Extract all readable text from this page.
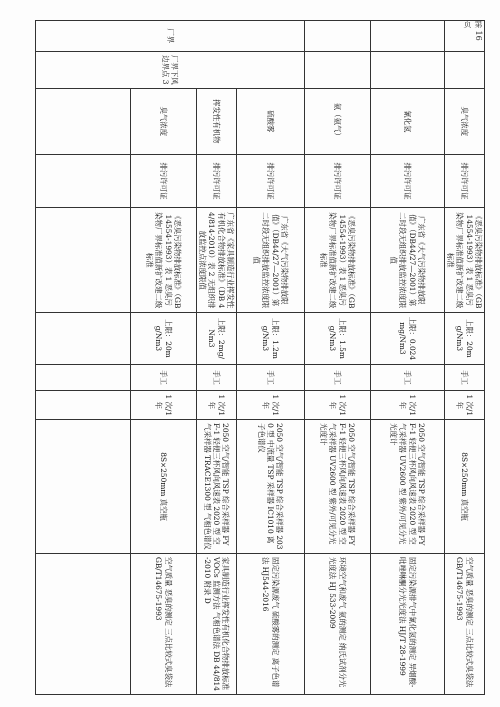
		臭气浓度	排污许可证	《恶臭污染物排放标准》（GB 14554-1993）表 1 恶臭污染物厂界标准值新扩改建二级标准	上限：20mg/Nm3	手工	1 次/1 年	8S×250mm 真空瓶	空气质量 恶臭的测定 三点比较式臭袋法 GB/T14675-1993
		氰化氢	排污许可证	广东省《大气污染物排放限值》（DB44/27—2001）第二时段无组织排放监控浓度限值	上限：0.024mg/Nm3	手工	1 次/1 年	2050 空气/智能 TSP 综合采样器 FYF-1 轻便三杯风向风速表 2020 型 空气采样器 UV2600 型 紫外/可见分光光度计	固定污染源排气中氰化氢的测定 异烟酸-吡唑啉酮分光光度法 HJ/T 28-1999
		氨（氨气）	排污许可证	《恶臭污染物排放标准》（GB 14554-1993）表 1 恶臭污染物厂界标准值新扩改建二级标准	上限：1.5mg/Nm3	手工	1 次/1 年	2050 空气/智能 TSP 综合采样器 FYF-1 轻便三杯风向风速表 2020 型 空气采样器 UV2600 型 紫外/可见分光光度计	环境空气和废气 氨的测定 纳氏试剂分光光度法 HJ 533-2009
厂界	厂界下风边界点 3	硫酸雾	排污许可证	广东省《大气污染物排放限值》（DB44/27—2001）第二时段无组织排放监控浓度限值	上限：1.2mg/Nm3	手工	1 次/1 年	2050 空气/智能 TSP 综合采样器 2030 型 中流量 TSP 采样器 IC1010 离子色谱仪	固定污染源废气 硫酸雾的测定 离子色谱法 HJ544-2016
		挥发性有机物	排污许可证	广东省《家具制造行业挥发性有机化合物排放标准》（DB 44/814-2010）表 2 无组织排放监控点浓度限值	上限：2mg/Nm3	手工	1 次/1 年	2050 空气/智能 TSP 综合采样器 FYF-1 轻便三杯风向风速表 2020 型 空气采样器 TRACE1300 型 气相色谱仪	家具制造行业挥发性有机化合物排放标准 VOCs 监测方法 气相色谱法 DB 44/814-2010 附录 D
		臭气浓度	排污许可证	《恶臭污染物排放标准》（GB 14554-1993）表 1 恶臭污染物厂界标准值新扩改建二级标准	上限：20mg/Nm3	手工	1 次/1 年	8S×250mm 真空瓶	空气质量 恶臭的测定 三点比较式臭袋法 GB/T14675-1993

第 16 页
